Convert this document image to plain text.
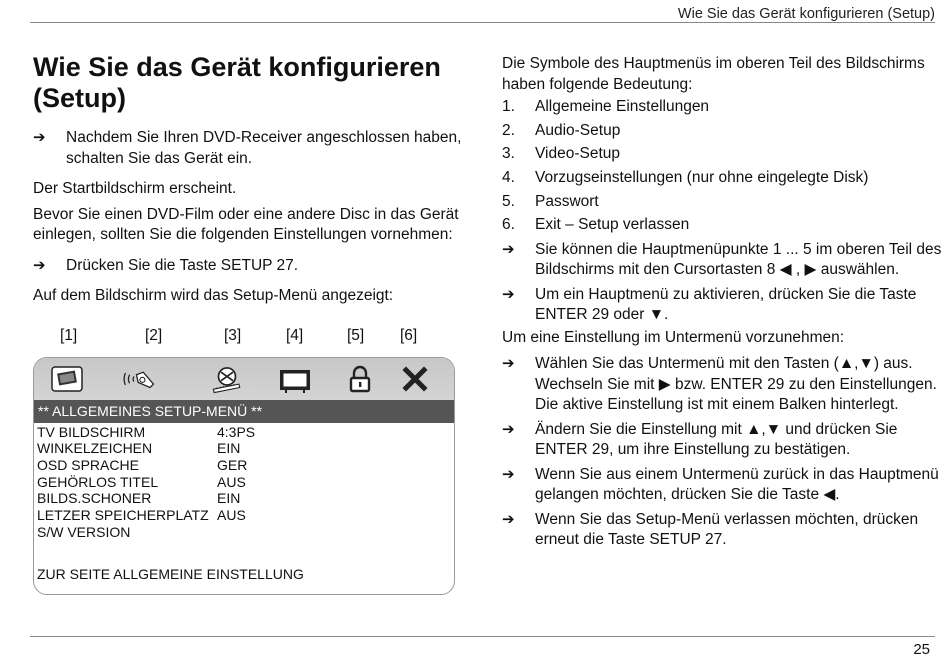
Wie Sie das Gerät konfigurieren (Setup)
Wie Sie das Gerät konfigurieren (Setup)
➔ Nachdem Sie Ihren DVD-Receiver angeschlossen haben, schalten Sie das Gerät ein.

Der Startbildschirm erscheint.

Bevor Sie einen DVD-Film oder eine andere Disc in das Gerät einlegen, sollten Sie die folgenden Einstellungen vornehmen:

➔ Drücken Sie die Taste SETUP 27.

Auf dem Bildschirm wird das Setup-Menü angezeigt:

[1]	[2]	[3]	[4]	[5] [6]
** ALLGEMEINES SETUP-MENÜ **
TV BILDSCHIRM	4:3PS
WINKELZEICHEN	EIN
OSD SPRACHE	GER
GEHÖRLOS TITEL	AUS
BILDS.SCHONER	EIN
LETZER SPEICHERPLATZ AUS
S/W VERSION
ZUR SEITE ALLGEMEINE EINSTELLUNG

Die Symbole des Hauptmenüs im oberen Teil des Bildschirms haben folgende Bedeutung:

1. Allgemeine Einstellungen
2. Audio-Setup
3. Video-Setup
4. Vorzugseinstellungen (nur ohne eingelegte Disk)
5. Passwort
6. Exit – Setup verlassen
➔ Sie können die Hauptmenüpunkte 1 ... 5 im oberen Teil des Bildschirms mit den Cursortasten 8 ◀ , ▶ auswählen.
➔ Um ein Hauptmenü zu aktivieren, drücken Sie die Taste ENTER 29 oder ▼.

Um eine Einstellung im Untermenü vorzunehmen:

➔ Wählen Sie das Untermenü mit den Tasten (▲,▼) aus. Wechseln Sie mit ▶ bzw. ENTER 29 zu den Einstellungen. Die aktive Einstellung ist mit einem Balken hinterlegt.
➔ Ändern Sie die Einstellung mit ▲,▼ und drücken Sie ENTER 29, um ihre Einstellung zu bestätigen.
➔ Wenn Sie aus einem Untermenü zurück in das Hauptmenü gelangen möchten, drücken Sie die Taste ◀.
➔ Wenn Sie das Setup-Menü verlassen möchten, drücken erneut die Taste SETUP 27.
25
